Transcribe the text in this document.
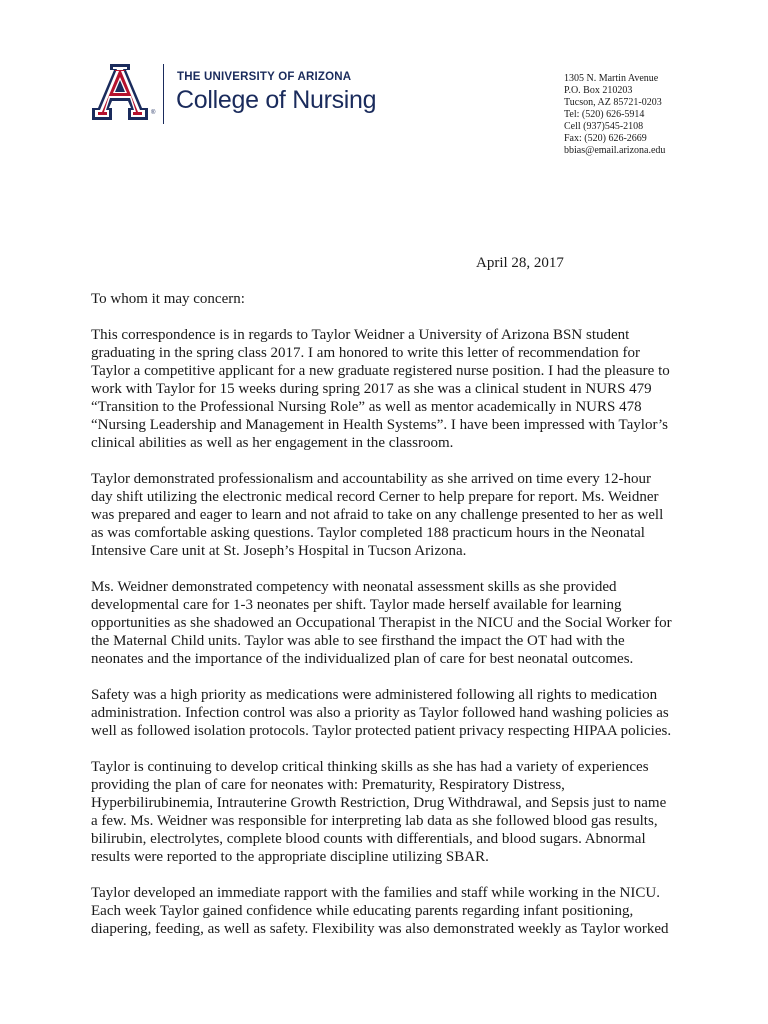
®
THE UNIVERSITY OF ARIZONA
College of Nursing
1305 N. Martin Avenue
P.O. Box 210203
Tucson, AZ 85721-0203
Tel: (520) 626-5914
Cell (937)545-2108
Fax: (520) 626-2669
bbias@email.arizona.edu
April 28, 2017

To whom it may concern:

This correspondence is in regards to Taylor Weidner a University of Arizona BSN student
graduating in the spring class 2017. I am honored to write this letter of recommendation for
Taylor a competitive applicant for a new graduate registered nurse position. I had the pleasure to
work with Taylor for 15 weeks during spring 2017 as she was a clinical student in NURS 479
“Transition to the Professional Nursing Role” as well as mentor academically in NURS 478
“Nursing Leadership and Management in Health Systems”. I have been impressed with Taylor’s
clinical abilities as well as her engagement in the classroom.

Taylor demonstrated professionalism and accountability as she arrived on time every 12-hour
day shift utilizing the electronic medical record Cerner to help prepare for report. Ms. Weidner
was prepared and eager to learn and not afraid to take on any challenge presented to her as well
as was comfortable asking questions. Taylor completed 188 practicum hours in the Neonatal
Intensive Care unit at St. Joseph’s Hospital in Tucson Arizona.

Ms. Weidner demonstrated competency with neonatal assessment skills as she provided
developmental care for 1-3 neonates per shift. Taylor made herself available for learning
opportunities as she shadowed an Occupational Therapist in the NICU and the Social Worker for
the Maternal Child units. Taylor was able to see firsthand the impact the OT had with the
neonates and the importance of the individualized plan of care for best neonatal outcomes.

Safety was a high priority as medications were administered following all rights to medication
administration. Infection control was also a priority as Taylor followed hand washing policies as
well as followed isolation protocols. Taylor protected patient privacy respecting HIPAA policies.

Taylor is continuing to develop critical thinking skills as she has had a variety of experiences
providing the plan of care for neonates with: Prematurity, Respiratory Distress,
Hyperbilirubinemia, Intrauterine Growth Restriction, Drug Withdrawal, and Sepsis just to name
a few. Ms. Weidner was responsible for interpreting lab data as she followed blood gas results,
bilirubin, electrolytes, complete blood counts with differentials, and blood sugars. Abnormal
results were reported to the appropriate discipline utilizing SBAR.

Taylor developed an immediate rapport with the families and staff while working in the NICU.
Each week Taylor gained confidence while educating parents regarding infant positioning,
diapering, feeding, as well as safety. Flexibility was also demonstrated weekly as Taylor worked
